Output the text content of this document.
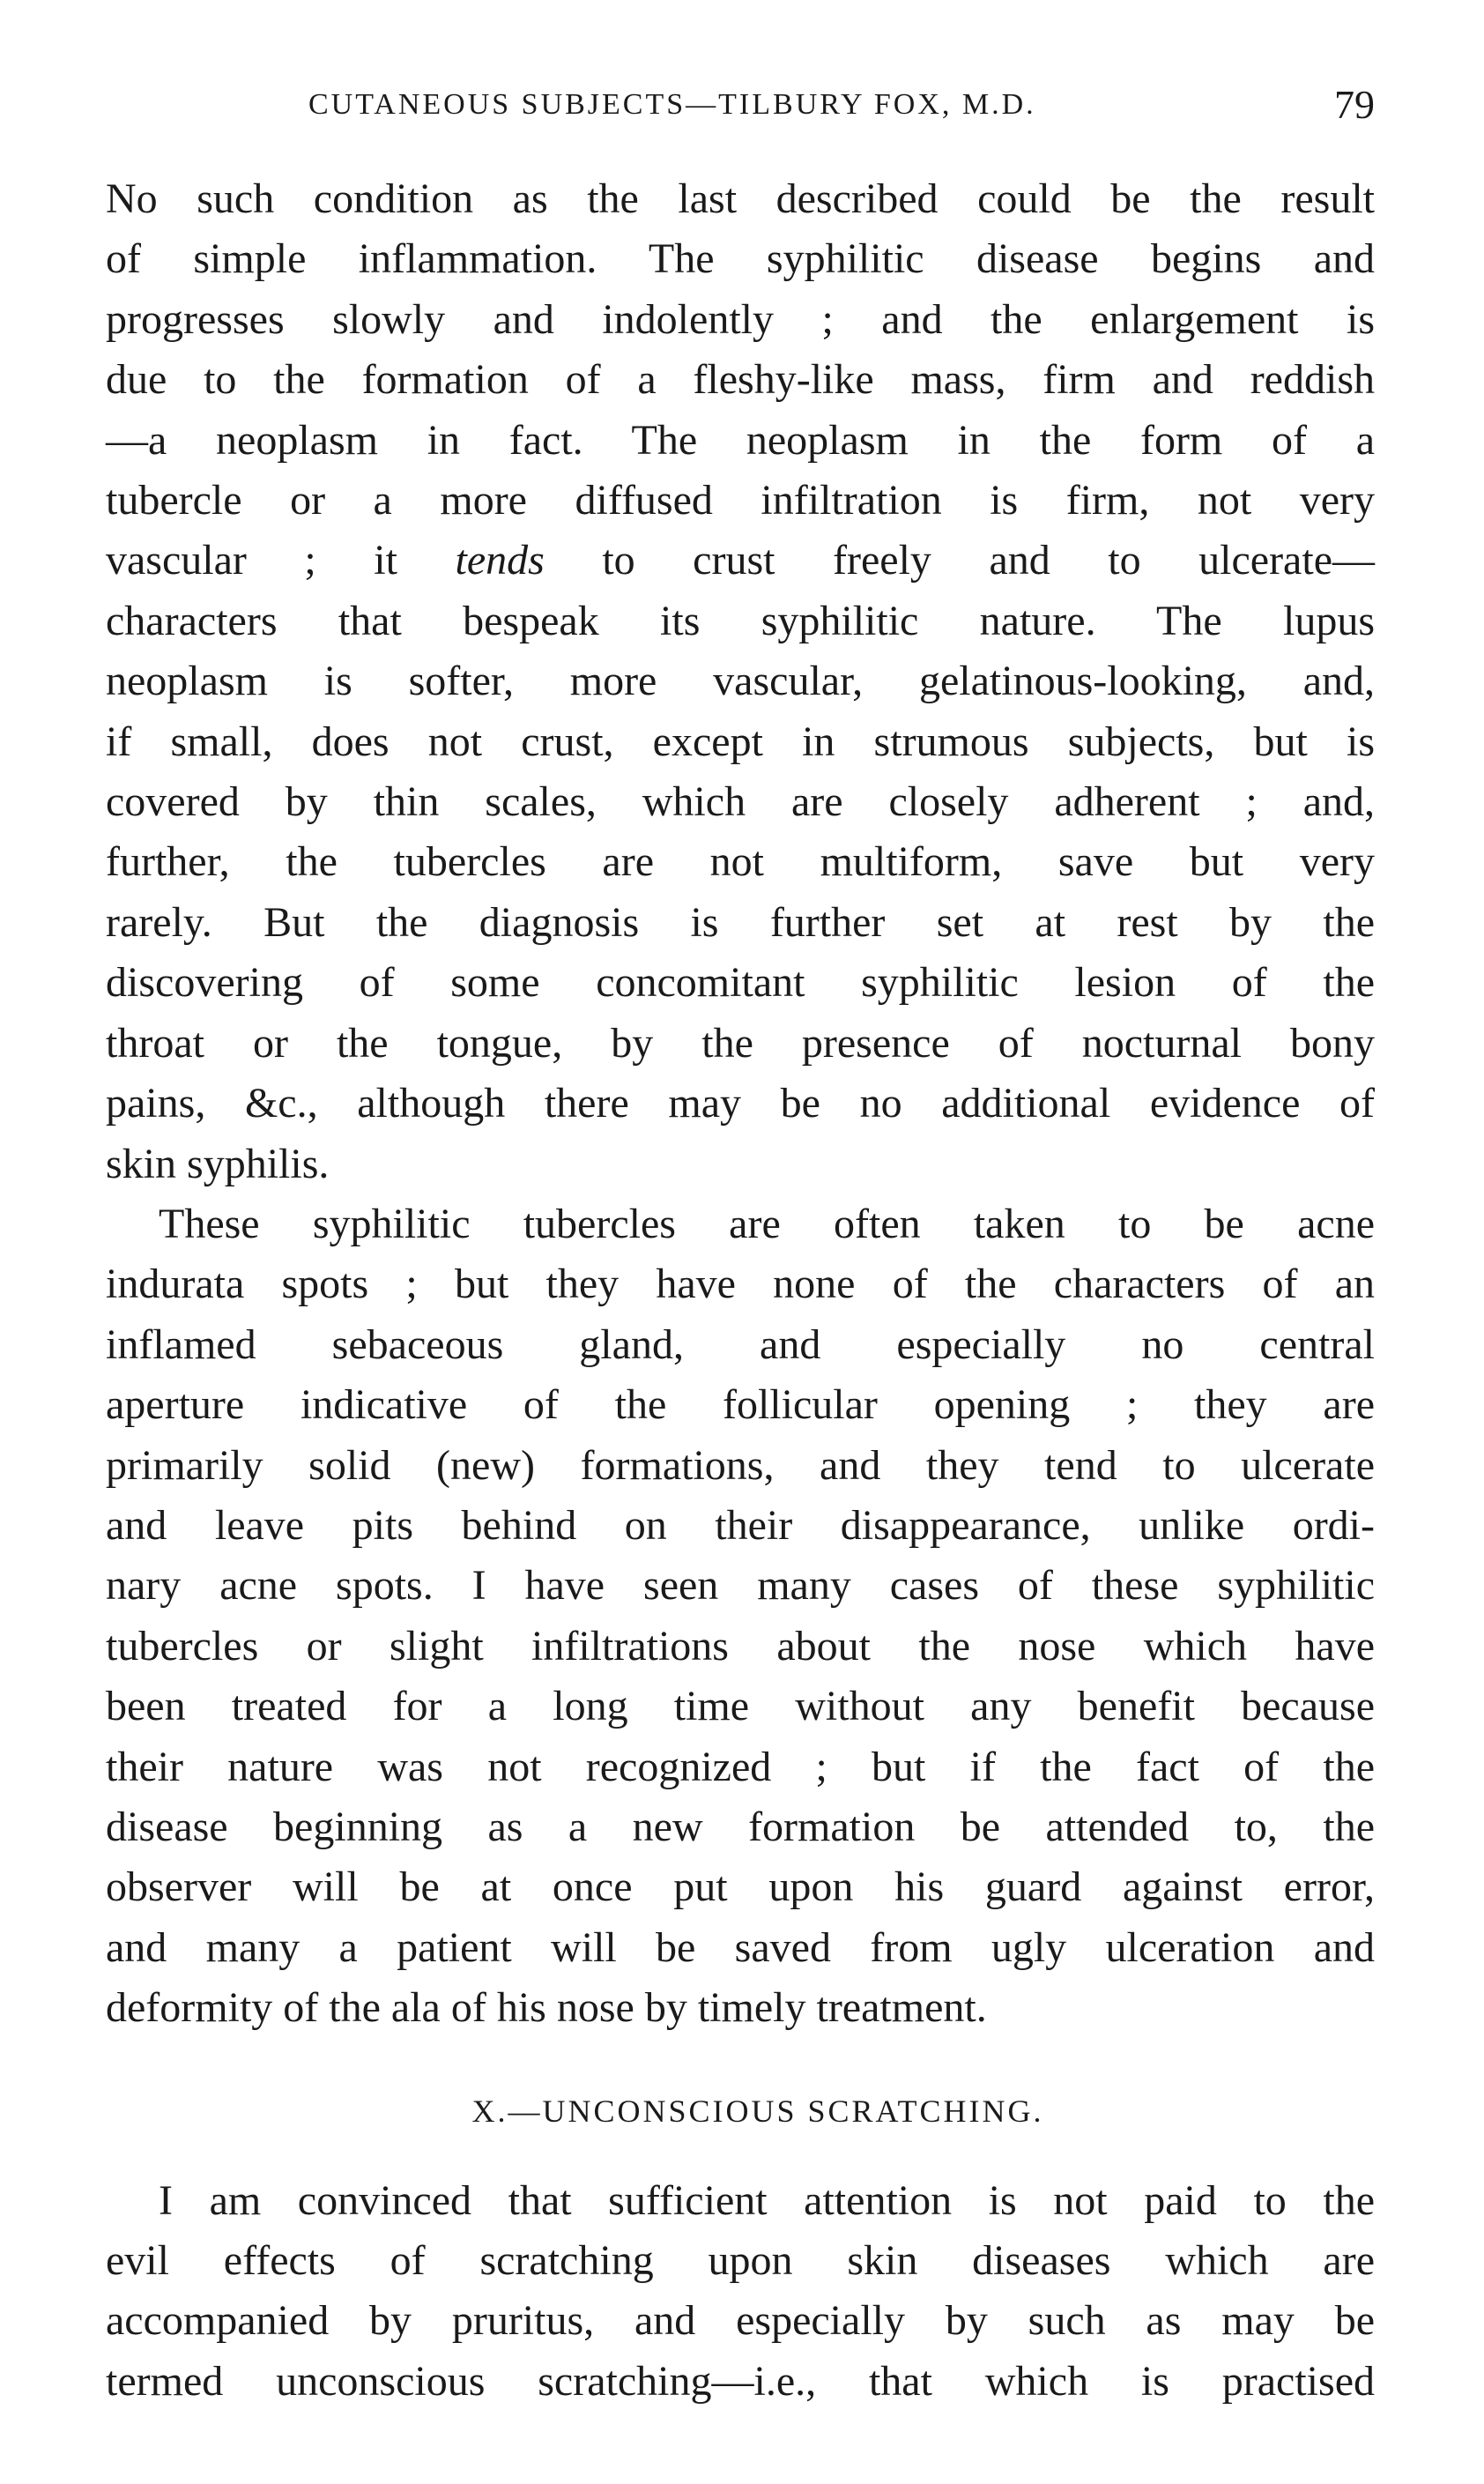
CUTANEOUS SUBJECTS—TILBURY FOX, M.D.	79

No such condition as the last described could be the result
of simple inflammation. The syphilitic disease begins and
progresses slowly and indolently ; and the enlargement is
due to the formation of a fleshy-like mass, firm and reddish
—a neoplasm in fact. The neoplasm in the form of a
tubercle or a more diffused infiltration is firm, not very
vascular ; it tends to crust freely and to ulcerate—
characters that bespeak its syphilitic nature. The lupus
neoplasm is softer, more vascular, gelatinous-looking, and,
if small, does not crust, except in strumous subjects, but is
covered by thin scales, which are closely adherent ; and,
further, the tubercles are not multiform, save but very
rarely. But the diagnosis is further set at rest by the
discovering of some concomitant syphilitic lesion of the
throat or the tongue, by the presence of nocturnal bony
pains, &c., although there may be no additional evidence of
skin syphilis.

These syphilitic tubercles are often taken to be acne
indurata spots ; but they have none of the characters of an
inflamed sebaceous gland, and especially no central
aperture indicative of the follicular opening ; they are
primarily solid (new) formations, and they tend to ulcerate
and leave pits behind on their disappearance, unlike ordi-
nary acne spots. I have seen many cases of these syphilitic
tubercles or slight infiltrations about the nose which have
been treated for a long time without any benefit because
their nature was not recognized ; but if the fact of the
disease beginning as a new formation be attended to, the
observer will be at once put upon his guard against error,
and many a patient will be saved from ugly ulceration and
deformity of the ala of his nose by timely treatment.

X.—UNCONSCIOUS SCRATCHING.

I am convinced that sufficient attention is not paid to the
evil effects of scratching upon skin diseases which are
accompanied by pruritus, and especially by such as may be
termed unconscious scratching—i.e., that which is practised
